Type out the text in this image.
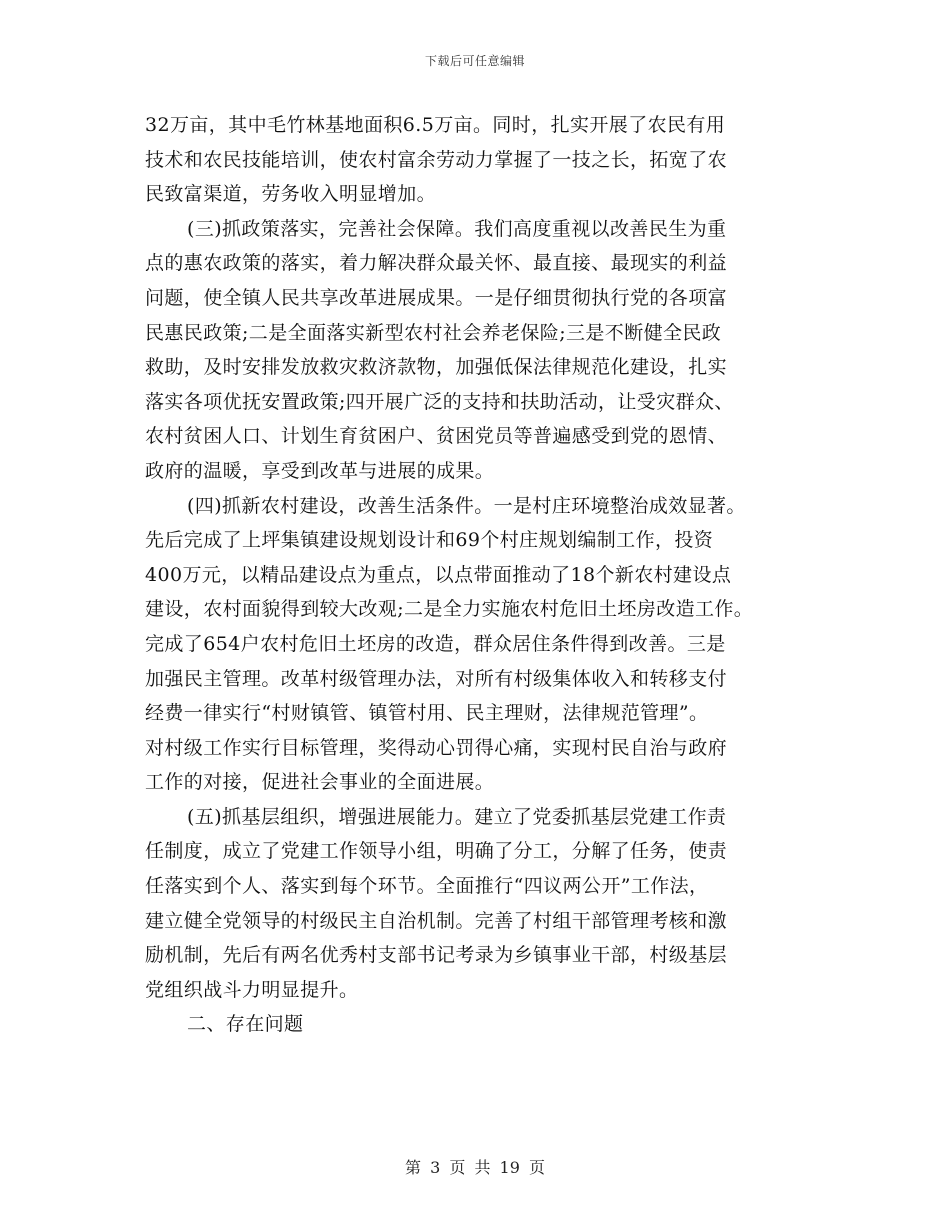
下载后可任意编辑
32万亩，其中毛竹林基地面积6.5万亩。同时，扎实开展了农民有用
技术和农民技能培训，使农村富余劳动力掌握了一技之长，拓宽了农
民致富渠道，劳务收入明显增加。
(三)抓政策落实，完善社会保障。我们高度重视以改善民生为重
点的惠农政策的落实，着力解决群众最关怀、最直接、最现实的利益
问题，使全镇人民共享改革进展成果。一是仔细贯彻执行党的各项富
民惠民政策;二是全面落实新型农村社会养老保险;三是不断健全民政
救助，及时安排发放救灾救济款物，加强低保法律规范化建设，扎实
落实各项优抚安置政策;四开展广泛的支持和扶助活动，让受灾群众、
农村贫困人口、计划生育贫困户、贫困党员等普遍感受到党的恩情、
政府的温暖，享受到改革与进展的成果。
(四)抓新农村建设，改善生活条件。一是村庄环境整治成效显著。
先后完成了上坪集镇建设规划设计和69个村庄规划编制工作，投资
400万元，以精品建设点为重点，以点带面推动了18个新农村建设点
建设，农村面貌得到较大改观;二是全力实施农村危旧土坯房改造工作。
完成了654户农村危旧土坯房的改造，群众居住条件得到改善。三是
加强民主管理。改革村级管理办法，对所有村级集体收入和转移支付
经费一律实行“村财镇管、镇管村用、民主理财，法律规范管理”。
对村级工作实行目标管理，奖得动心罚得心痛，实现村民自治与政府
工作的对接，促进社会事业的全面进展。
(五)抓基层组织，增强进展能力。建立了党委抓基层党建工作责
任制度，成立了党建工作领导小组，明确了分工，分解了任务，使责
任落实到个人、落实到每个环节。全面推行“四议两公开”工作法，
建立健全党领导的村级民主自治机制。完善了村组干部管理考核和激
励机制，先后有两名优秀村支部书记考录为乡镇事业干部，村级基层
党组织战斗力明显提升。
二、存在问题
第 3 页 共 19 页
